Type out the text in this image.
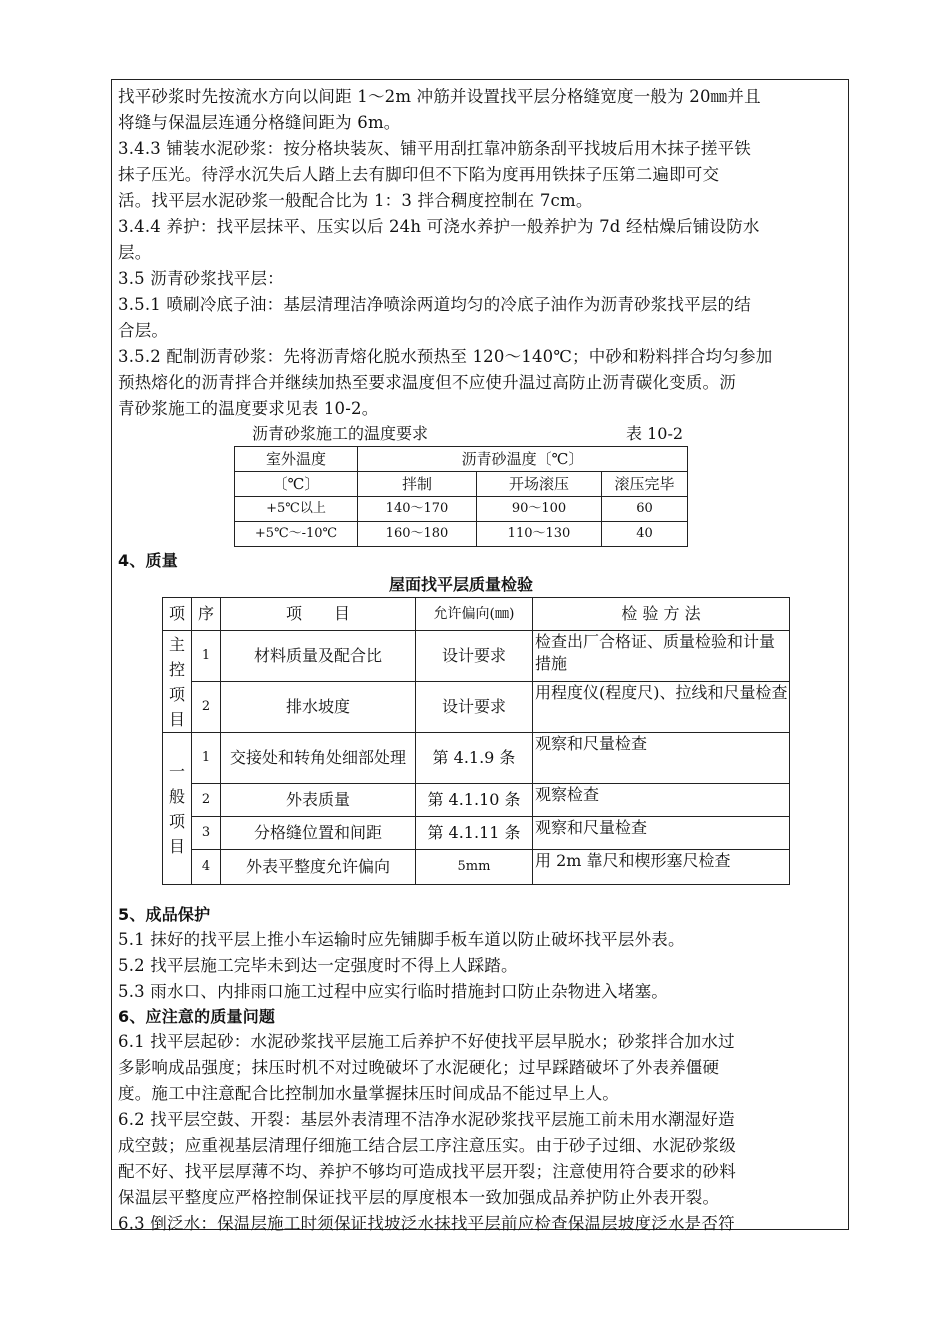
找平砂浆时先按流水方向以间距 1～2m 冲筋并设置找平层分格缝宽度一般为 20㎜并且

将缝与保温层连通分格缝间距为 6m。

3.4.3 铺装水泥砂浆：按分格块装灰、铺平用刮扛靠冲筋条刮平找坡后用木抹子搓平铁

抹子压光。待浮水沉失后人踏上去有脚印但不下陷为度再用铁抹子压第二遍即可交

活。找平层水泥砂浆一般配合比为 1：3 拌合稠度控制在 7cm。

3.4.4 养护：找平层抹平、压实以后 24h 可浇水养护一般养护为 7d 经枯燥后铺设防水

层。

3.5 沥青砂浆找平层：

3.5.1 喷刷冷底子油：基层清理洁净喷涂两道均匀的冷底子油作为沥青砂浆找平层的结

合层。

3.5.2 配制沥青砂浆：先将沥青熔化脱水预热至 120～140℃；中砂和粉料拌合均匀参加

预热熔化的沥青拌合并继续加热至要求温度但不应使升温过高防止沥青碳化变质。沥

青砂浆施工的温度要求见表 10-2。

沥青砂浆施工的温度要求	表 10-2
室外温度	沥青砂温度〔℃〕		
〔℃〕	拌制	开场滚压	滚压完毕
+5℃以上	140～170	90～100	60
+5℃～-10℃	160～180	110～130	40

4、质量

屋面找平层质量检验
项	序	项　　目	允许偏向(㎜)	检 验 方 法
主控项目	1	材料质量及配合比	设计要求	检查出厂合格证、质量检验和计量措施
	2	排水坡度	设计要求	用程度仪(程度尺)、拉线和尺量检查
一般项目	1	交接处和转角处细部处理	第 4.1.9 条	观察和尺量检查
	2	外表质量	第 4.1.10 条	观察检查
	3	分格缝位置和间距	第 4.1.11 条	观察和尺量检查
	4	外表平整度允许偏向	5mm	用 2m 靠尺和楔形塞尺检查

5、成品保护

5.1 抹好的找平层上推小车运输时应先铺脚手板车道以防止破坏找平层外表。

5.2 找平层施工完毕未到达一定强度时不得上人踩踏。

5.3 雨水口、内排雨口施工过程中应实行临时措施封口防止杂物进入堵塞。

6、应注意的质量问题

6.1 找平层起砂：水泥砂浆找平层施工后养护不好使找平层早脱水；砂浆拌合加水过

多影响成品强度；抹压时机不对过晚破坏了水泥硬化；过早踩踏破坏了外表养僵硬

度。施工中注意配合比控制加水量掌握抹压时间成品不能过早上人。

6.2 找平层空鼓、开裂：基层外表清理不洁净水泥砂浆找平层施工前未用水潮湿好造

成空鼓；应重视基层清理仔细施工结合层工序注意压实。由于砂子过细、水泥砂浆级

配不好、找平层厚薄不均、养护不够均可造成找平层开裂；注意使用符合要求的砂料

保温层平整度应严格控制保证找平层的厚度根本一致加强成品养护防止外表开裂。

6.3 倒泛水：保温层施工时须保证找坡泛水抹找平层前应检查保温层坡度泛水是否符
